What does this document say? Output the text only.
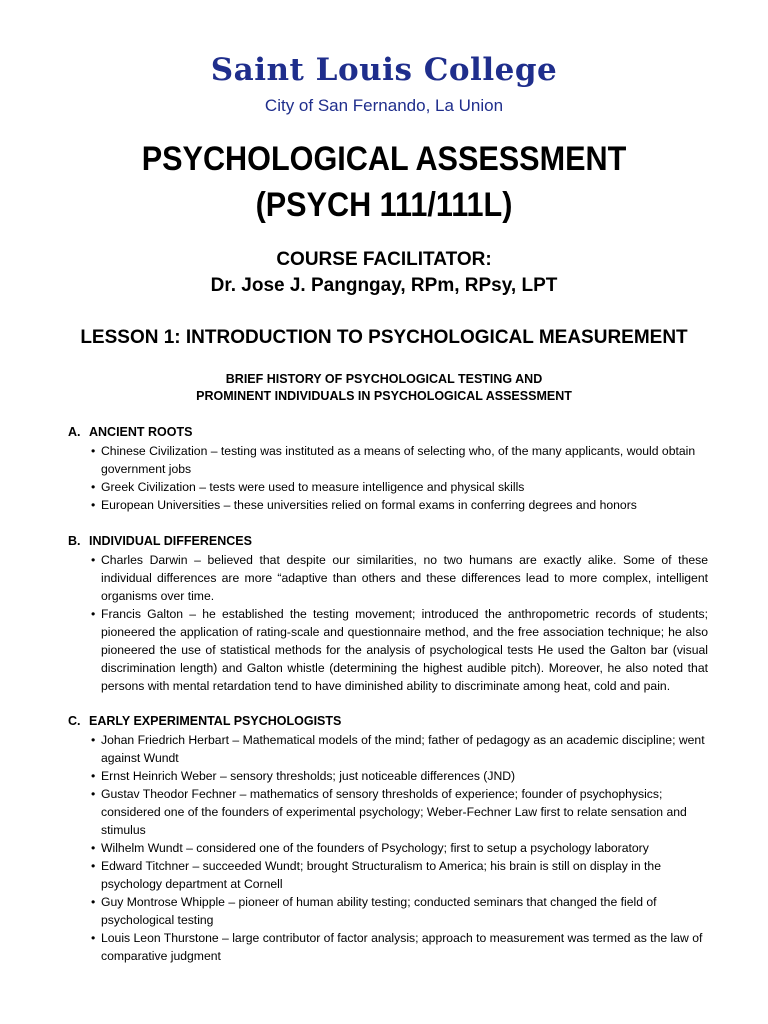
Saint Louis College
City of San Fernando, La Union
PSYCHOLOGICAL ASSESSMENT
(PSYCH 111/111L)
COURSE FACILITATOR:
Dr. Jose J. Pangngay, RPm, RPsy, LPT
LESSON 1: INTRODUCTION TO PSYCHOLOGICAL MEASUREMENT
BRIEF HISTORY OF PSYCHOLOGICAL TESTING AND
PROMINENT INDIVIDUALS IN PSYCHOLOGICAL ASSESSMENT
A. ANCIENT ROOTS
• Chinese Civilization – testing was instituted as a means of selecting who, of the many applicants, would obtain government jobs
• Greek Civilization – tests were used to measure intelligence and physical skills
• European Universities – these universities relied on formal exams in conferring degrees and honors
B. INDIVIDUAL DIFFERENCES
• Charles Darwin – believed that despite our similarities, no two humans are exactly alike. Some of these individual differences are more “adaptive than others and these differences lead to more complex, intelligent organisms over time.
• Francis Galton – he established the testing movement; introduced the anthropometric records of students; pioneered the application of rating-scale and questionnaire method, and the free association technique; he also pioneered the use of statistical methods for the analysis of psychological tests He used the Galton bar (visual discrimination length) and Galton whistle (determining the highest audible pitch). Moreover, he also noted that persons with mental retardation tend to have diminished ability to discriminate among heat, cold and pain.
C. EARLY EXPERIMENTAL PSYCHOLOGISTS
• Johan Friedrich Herbart – Mathematical models of the mind; father of pedagogy as an academic discipline; went against Wundt
• Ernst Heinrich Weber – sensory thresholds; just noticeable differences (JND)
• Gustav Theodor Fechner – mathematics of sensory thresholds of experience; founder of psychophysics; considered one of the founders of experimental psychology; Weber-Fechner Law first to relate sensation and stimulus
• Wilhelm Wundt – considered one of the founders of Psychology; first to setup a psychology laboratory
• Edward Titchner – succeeded Wundt; brought Structuralism to America; his brain is still on display in the psychology department at Cornell
• Guy Montrose Whipple – pioneer of human ability testing; conducted seminars that changed the field of psychological testing
• Louis Leon Thurstone – large contributor of factor analysis; approach to measurement was termed as the law of comparative judgment
